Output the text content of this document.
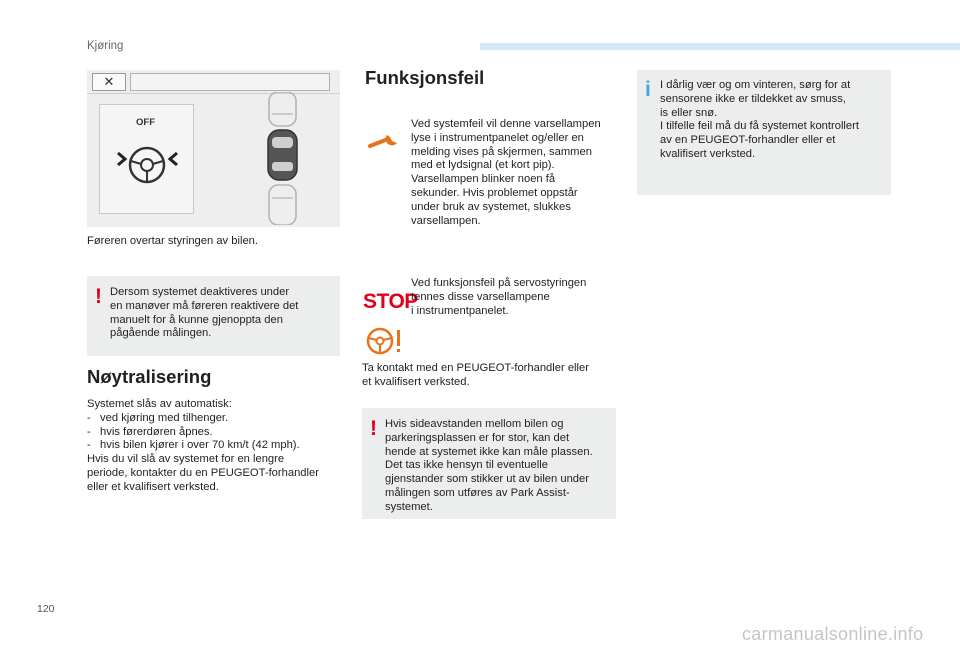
Kjøring
✕
OFF
Føreren overtar styringen av bilen.
! Dersom systemet deaktiveres under
en manøver må føreren reaktivere det
manuelt for å kunne gjenoppta den
pågående målingen.
Nøytralisering
Systemet slås av automatisk:
-   ved kjøring med tilhenger.
-   hvis førerdøren åpnes.
-   hvis bilen kjører i over 70 km/t (42 mph).
Hvis du vil slå av systemet for en lengre
periode, kontakter du en PEUGEOT-forhandler
eller et kvalifisert verksted.
Funksjonsfeil
Ved systemfeil vil denne varsellampen
lyse i instrumentpanelet og/eller en
melding vises på skjermen, sammen
med et lydsignal (et kort pip).
Varsellampen blinker noen få
sekunder. Hvis problemet oppstår
under bruk av systemet, slukkes
varsellampen.
STOP
Ved funksjonsfeil på servostyringen
tennes disse varsellampene
i instrumentpanelet.
Ta kontakt med en PEUGEOT-forhandler eller
et kvalifisert verksted.
! Hvis sideavstanden mellom bilen og
parkeringsplassen er for stor, kan det
hende at systemet ikke kan måle plassen.
Det tas ikke hensyn til eventuelle
gjenstander som stikker ut av bilen under
målingen som utføres av Park Assist-
systemet.
i I dårlig vær og om vinteren, sørg for at
sensorene ikke er tildekket av smuss,
is eller snø.
I tilfelle feil må du få systemet kontrollert
av en PEUGEOT-forhandler eller et
kvalifisert verksted.
120
carmanualsonline.info
